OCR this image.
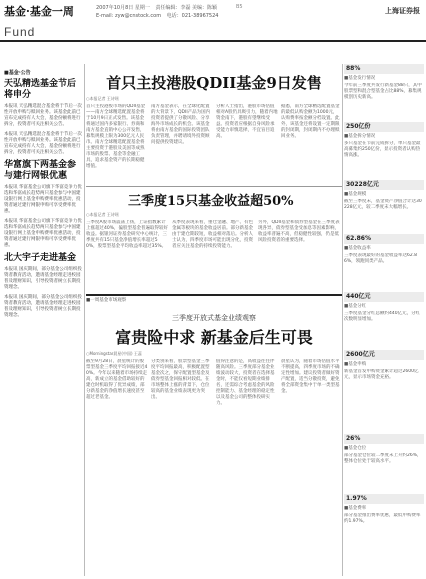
基金·基金一周
Fund
2007年10月8日 星期一 责任编辑：李磊 美编：陈颖
E-mail: zyw@cnstock.com 电话：021-38967524
B5	上海证券报
■基金·公告
天弘精选基金节后将申分
本报讯 天弘精选混合基金将于节后一次性开放申购与赎回业务。该基金此前已宣布完成持有人大会，基金份额将进行拆分，投资者可关注相关公告。
本报讯 天弘精选混合基金将于节后一次性开放申购与赎回业务。该基金此前已宣布完成持有人大会，基金份额将进行拆分，投资者可关注相关公告。
华富旗下两基金参与建行网银优惠
本报讯 华富基金公司旗下华富竞争力优选和华富成长趋势两只基金参与中国建设银行网上基金申购费率优惠活动，投资者通过建行网银申购可享受费率优惠。
本报讯 华富基金公司旗下华富竞争力优选和华富成长趋势两只基金参与中国建设银行网上基金申购费率优惠活动，投资者通过建行网银申购可享受费率优惠。
北大宇子走进基金
本报讯 国庆期间，部分基金公司组织投资者教育活动，邀请基金经理走进校园普及理财知识，引导投资者树立长期投资理念。
本报讯 国庆期间，部分基金公司组织投资者教育活动，邀请基金经理走进校园普及理财知识，引导投资者树立长期投资理念。
首只主投港股QDII基金9日发售
○本报记者 王诗瑶
首只主投港股市场的QDII基金——南方全球精选配置基金将于10月9日正式发售。该基金将通过国内多家银行、券商和南方基金直销中心公开发售，募集规模上限为300亿元人民币。南方全球精选配置基金将主要投资于港股及美国等成熟市场的股票、基金等金融工具，追求基金资产的长期稳健增值。
南方基金表示，在全球化配置的大背景下，QDII产品为国内投资者提供了分散风险、分享海外市场成长的机会。该基金将由南方基金的国际投资团队负责管理，并聘请境外投资顾问提供投资建议。
分析人士指出，港股市场估值相对A股仍具吸引力，随着内地资金南下，港股有望继续受益。投资者应根据自身风险承受能力审慎选择，不宜盲目追高。
据悉，南方全球精选配置基金的最低认购金额为1000元，认购费率按金额分档设置。此外，该基金还将设置一定期限的封闭期，封闭期内不办理赎回业务。
三季度15只基金收益超50%
○本报记者 王诗瑶
三季度A股市场震荡上扬，上证指数累计上涨超过40%，偏股型基金普遍取得较好收益。据银河证券基金研究中心统计，三季度共有15只基金净值增长率超过50%，股票型基金平均收益率超过35%。
从季度表现来看，重仓金融、地产、有色金属等板块的基金收益居前。部分新基金由于建仓期较短，收益相对落后。分析人士认为，四季度市场可能出现分化，投资者应关注基金的持续投资能力。
另外，QDII基金和债券型基金在三季度表现各异，债券型基金受加息等因素影响，收益率普遍不高，但稳健性较强，仍是低风险投资者的重要选择。
■一周基金市场观察
三季度开放式基金业绩观察
富贵险中求 新基金后生可畏
○Morningstar晨星(中国) 王蕊
截至9月28日，晨星统计的股票型基金三季度平均回报接近40%。今年以来随着市场持续走高，新成立的基金借助较好的建仓时机取得了优异成绩，部分新基金的净值增长速度甚至超过老基金。
分类别来看，股票型基金三季度平均回报最高，积极配置型基金次之，保守配置型基金及债券型基金回报相对较低。在市场整体上涨的背景下，仓位较高的基金业绩表现更为突出。
值得注意的是，高收益往往伴随高风险。三季度部分基金业绩波动较大，投资者在选择基金时，不能仅看短期业绩排名，还需综合考虑基金的风险控制能力、基金经理的稳定性以及基金公司的整体投研实力。
晨星认为，随着市场估值水平不断提高，四季度市场的不确定性增加。建议投资者做好资产配置，适当分散投资，避免将全部资金集中于单一类型基金。
88%
■基金发行情况
今年前三季度共发行新基金88只，其中股票型和混合型基金占比88%，募集规模创历史新高。
250亿份
■基金拆分情况
多只基金在节前完成拆分，单只基金最高募集约250亿份，显示投资者认购热情高涨。
30228亿元
■基金规模
截至三季度末，基金资产净值合计达30228亿元，较二季度末大幅增长。
62.86%
■基金收益率
三季度表现最好的基金收益率达62.86%，领跑同类产品。
440亿元
■基金分红
三季度基金分红总额约440亿元，分红次数明显增加。
2600亿元
■基金申购
新基金首发申购资金累计超过2600亿元，显示市场资金充裕。
26%
■基金仓位
部分基金仓位较二季度末上升约26%，整体仓位处于较高水平。
1.97%
■基金费率
部分基金推出费率优惠，最低申购费率约1.97%。
